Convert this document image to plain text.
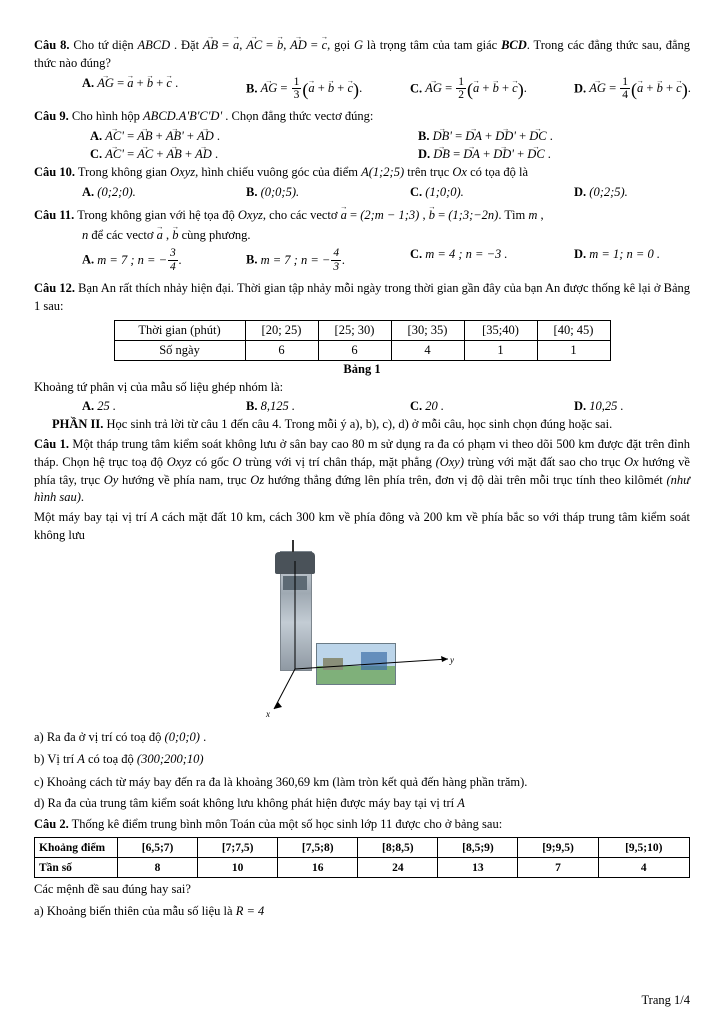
Câu 8. Cho tứ diện ABCD . Đặt AB → = a →, AC → = b →, AD → = c →, gọi G là trọng tâm của tam giác BCD. Trong các đẳng thức sau, đẳng thức nào đúng?

A. AG → = a → + b → + c → .	B. AG → = $\frac{1}{3} (a$ → + b → + c →).	C. AG → = $\frac{1}{2} (a$ → + b → + c →).	D. AG → = $\frac{1}{4} (a$ → + b → + c →).

Câu 9. Cho hình hộp ABCD.A'B'C'D' . Chọn đẳng thức vectơ đúng:

A. AC' → = AB → + AB' → + AD → .	B. DB' → = DA → + DD' → + DC → .
C. AC' → = AC → + AB → + AD → .	D. DB → = DA → + DD' → + DC → .

Câu 10. Trong không gian Oxyz, hình chiếu vuông góc của điểm A(1;2;5) trên trục Ox có tọa độ là

A. (0;2;0).	B. (0;0;5).	C. (1;0;0).	D. (0;2;5).

Câu 11. Trong không gian với hệ tọa độ Oxyz, cho các vectơ a → = (2;m − 1;3) , b → = (1;3;−2n). Tìm m ,

n để các vectơ a → , b → cùng phương.

A. m = 7 ; n = − $\frac{3}{4}$ .	B. m = 7 ; n = − $\frac{4}{3}$ .	C. m = 4 ; n = −3 .	D. m = 1; n = 0 .

Câu 12. Bạn An rất thích nhảy hiện đại. Thời gian tập nhảy mỗi ngày trong thời gian gần đây của bạn An được thống kê lại ở Bảng 1 sau:

Thời gian (phút)	[20; 25)	[25; 30)	[30; 35)	[35;40)	[40; 45)
Số ngày	6	6	4	1	1
Bảng 1

Khoảng tứ phân vị của mẫu số liệu ghép nhóm là:

A. 25 .	B. 8,125 .	C. 20 .	D. 10,25 .

PHẦN II. Học sinh trả lời từ câu 1 đến câu 4. Trong mỗi ý a), b), c), d) ở mỗi câu, học sinh chọn đúng hoặc sai.

Câu 1. Một tháp trung tâm kiểm soát không lưu ở sân bay cao 80 m sử dụng ra đa có phạm vi theo dõi 500 km được đặt trên đỉnh tháp. Chọn hệ trục toạ độ Oxyz có gốc O trùng với vị trí chân tháp, mặt phẳng (Oxy) trùng với mặt đất sao cho trục Ox hướng về phía tây, trục Oy hướng về phía nam, trục Oz hướng thẳng đứng lên phía trên, đơn vị độ dài trên mỗi trục tính theo kilômét (như hình sau).

Một máy bay tại vị trí A cách mặt đất 10 km, cách 300 km về phía đông và 200 km về phía bắc so với tháp trung tâm kiểm soát không lưu

y
x

a) Ra đa ở vị trí có toạ độ (0;0;0) .

b) Vị trí A có toạ độ (300;200;10)

c) Khoảng cách từ máy bay đến ra đa là khoảng 360,69 km (làm tròn kết quả đến hàng phần trăm).

d) Ra đa của trung tâm kiểm soát không lưu không phát hiện được máy bay tại vị trí A

Câu 2. Thống kê điểm trung bình môn Toán của một số học sinh lớp 11 được cho ở bảng sau:

Khoảng điểm	[6,5;7)	[7;7,5)	[7,5;8)	[8;8,5)	[8,5;9)	[9;9,5)	[9,5;10)
Tần số	8	10	16	24	13	7	4

Các mệnh đề sau đúng hay sai?

a) Khoảng biến thiên của mẫu số liệu là R = 4

Trang 1/4
